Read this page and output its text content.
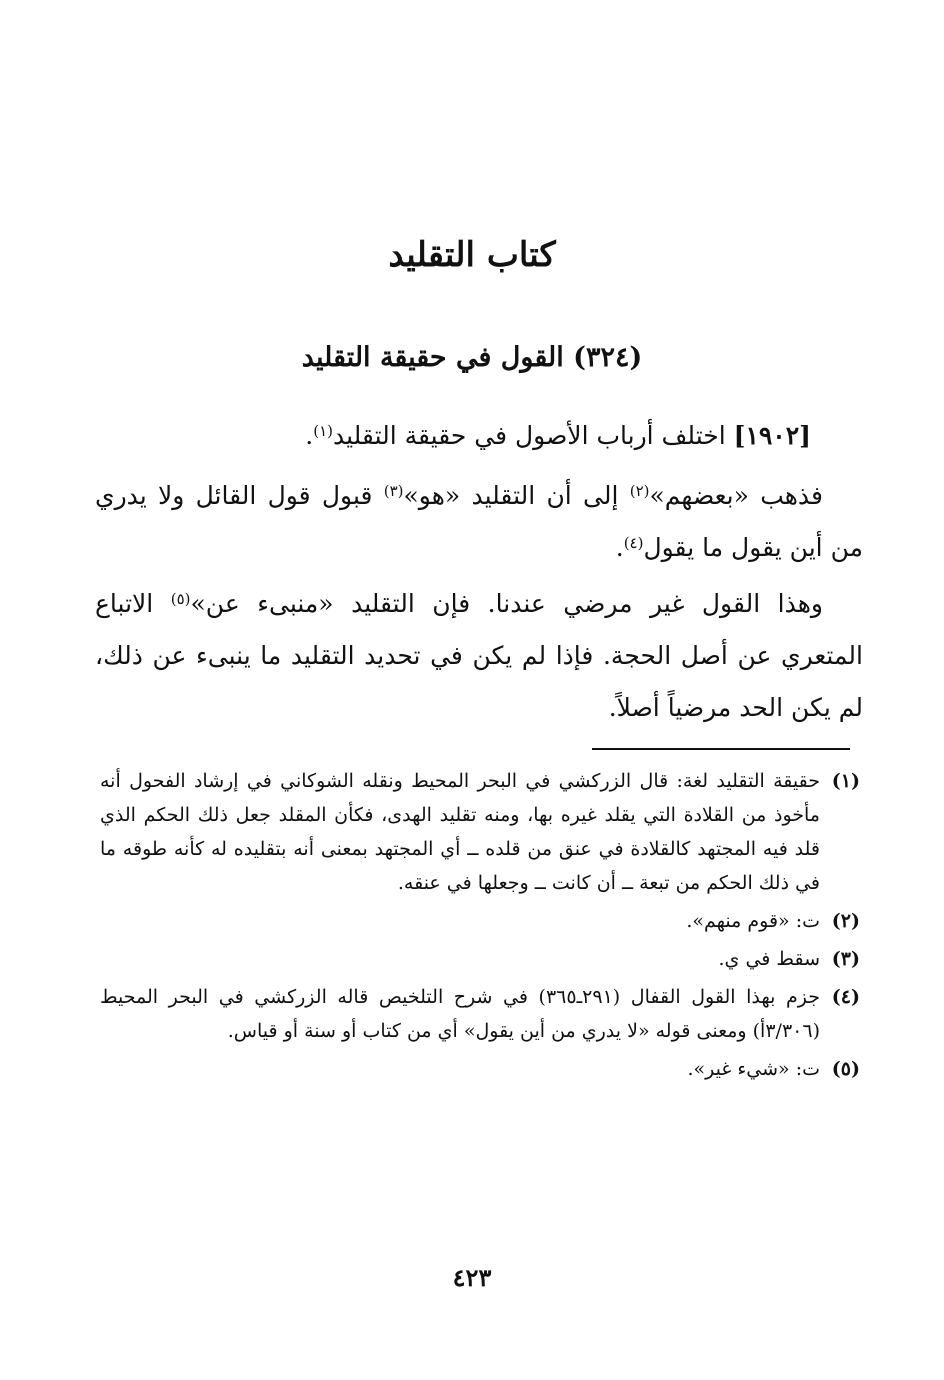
كتاب التقليد
(٣٢٤) القول في حقيقة التقليد

[١٩٠٢] اختلف أرباب الأصول في حقيقة التقليد$^{(١)}$.

فذهب «بعضهم»$^{(٢)}$ إلى أن التقليد «هو»$^{(٣)}$ قبول قول القائل ولا يدري من أين يقول ما يقول$^{(٤)}$.

وهذا القول غير مرضي عندنا. فإن التقليد «منبىء عن»$^{(٥)}$ الاتباع المتعري عن أصل الحجة. فإذا لم يكن في تحديد التقليد ما ينبىء عن ذلك، لم يكن الحد مرضياً أصلاً.

(١)
حقيقة التقليد لغة: قال الزركشي في البحر المحيط ونقله الشوكاني في إرشاد الفحول أنه مأخوذ من القلادة التي يقلد غيره بها، ومنه تقليد الهدى، فكأن المقلد جعل ذلك الحكم الذي قلد فيه المجتهد كالقلادة في عنق من قلده ــ أي المجتهد بمعنى أنه بتقليده له كأنه طوقه ما في ذلك الحكم من تبعة ــ أن كانت ــ وجعلها في عنقه.
(٢)
ت: «قوم منهم».
(٣)
سقط في ي.
(٤)
جزم بهذا القول القفال (٢٩١ـ٣٦٥) في شرح التلخيص قاله الزركشي في البحر المحيط (٣/٣٠٦أ) ومعنى قوله «لا يدري من أين يقول» أي من كتاب أو سنة أو قياس.
(٥)
ت: «شيء غير».
٤٢٣
